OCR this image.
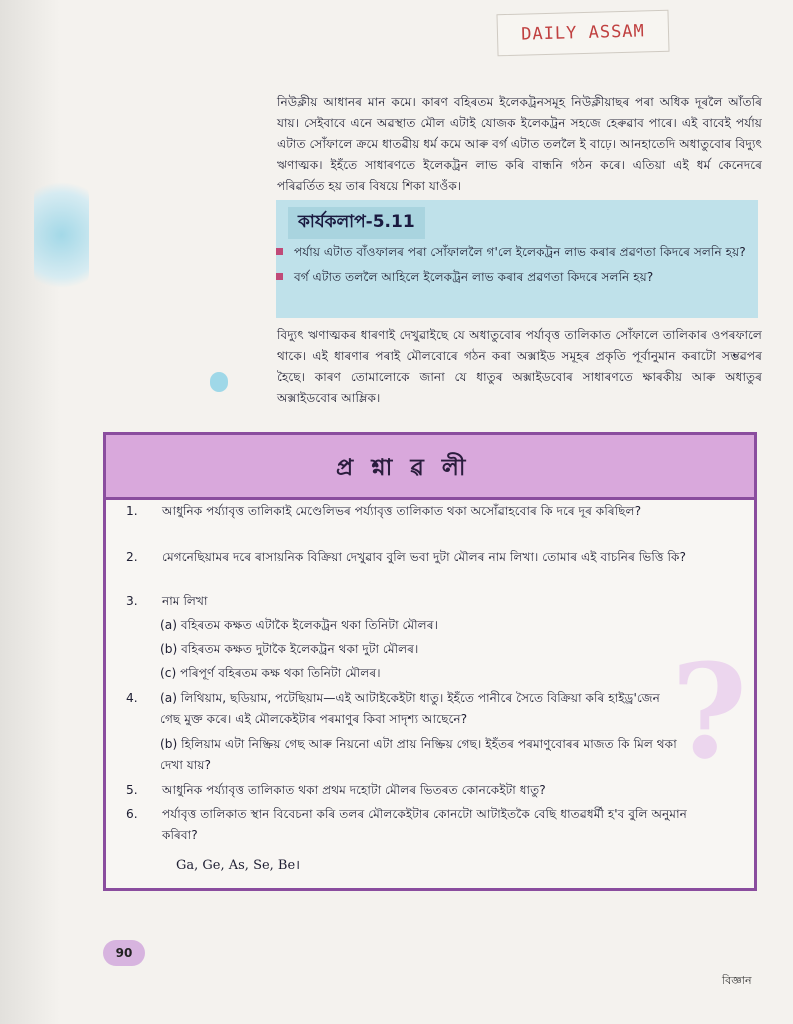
DAILY ASSAM
নিউক্লীয় আধানৰ মান কমে। কাৰণ বহিৰতম ইলেকট্ৰনসমূহ নিউক্লীয়াছৰ পৰা অধিক দূৰলৈ আঁতৰি যায়। সেইবাবে এনে অৱস্থাত মৌল এটাই যোজক ইলেকট্ৰন সহজে হেৰুৱাব পাৰে। এই বাবেই পৰ্যায় এটাত সোঁফালে ক্ৰমে ধাতৱীয় ধৰ্ম কমে আৰু বৰ্গ এটাত তললৈ ই বাঢ়ে। আনহাতেদি অধাতুবোৰ বিদ্যুৎ ঋণাত্মক। ইহঁতে সাধাৰণতে ইলেকট্ৰন লাভ কৰি বান্ধনি গঠন কৰে। এতিয়া এই ধৰ্ম কেনেদৰে পৰিৱৰ্তিত হয় তাৰ বিষয়ে শিকা যাওঁক।
কাৰ্যকলাপ-5.11
পৰ্যায় এটাত বাঁওফালৰ পৰা সোঁফাললৈ গ'লে ইলেকট্ৰন লাভ কৰাৰ প্ৰৱণতা কিদৰে সলনি হয়?
বৰ্গ এটাত তললৈ আহিলে ইলেকট্ৰন লাভ কৰাৰ প্ৰৱণতা কিদৰে সলনি হয়?
বিদ্যুৎ ঋণাত্মকৰ ধাৰণাই দেখুৱাইছে যে অধাতুবোৰ পৰ্যাবৃত্ত তালিকাত সোঁফালে তালিকাৰ ওপৰফালে থাকে। এই ধাৰণাৰ পৰাই মৌলবোৰে গঠন কৰা অক্সাইড সমূহৰ প্ৰকৃতি পূৰ্বানুমান কৰাটো সম্ভৱপৰ হৈছে। কাৰণ তোমালোকে জানা যে ধাতুৰ অক্সাইডবোৰ সাধাৰণতে ক্ষাৰকীয় আৰু অধাতুৰ অক্সাইডবোৰ আম্লিক।
প্ৰশ্নাৱলী
?
1. আধুনিক পৰ্য্যাবৃত্ত তালিকাই মেণ্ডেলিভৰ পৰ্য্যাবৃত্ত তালিকাত থকা অসোঁৱাহবোৰ কি দৰে দূৰ কৰিছিল?
2. মেগনেছিয়ামৰ দৰে ৰাসায়নিক বিক্ৰিয়া দেখুৱাব বুলি ভবা দুটা মৌলৰ নাম লিখা। তোমাৰ এই বাচনিৰ ভিত্তি কি?
3. নাম লিখা
(a) বহিৰতম কক্ষত এটাকৈ ইলেকট্ৰন থকা তিনিটা মৌলৰ।
(b) বহিৰতম কক্ষত দুটাকৈ ইলেকট্ৰন থকা দুটা মৌলৰ।
(c) পৰিপূৰ্ণ বহিৰতম কক্ষ থকা তিনিটা মৌলৰ।
4. (a) লিথিয়াম, ছডিয়াম, পটেছিয়াম—এই আটাইকেইটা ধাতু। ইহঁতে পানীৰে সৈতে বিক্ৰিয়া কৰি হাইড্ৰ'জেন গেছ মুক্ত কৰে। এই মৌলকেইটাৰ পৰমাণুৰ কিবা সাদৃশ্য আছেনে?
(b) হিলিয়াম এটা নিষ্ক্ৰিয় গেছ আৰু নিয়নো এটা প্ৰায় নিষ্ক্ৰিয় গেছ। ইহঁতৰ পৰমাণুবোৰৰ মাজত কি মিল থকা দেখা যায়?
5. আধুনিক পৰ্য্যাবৃত্ত তালিকাত থকা প্ৰথম দহোটা মৌলৰ ভিতৰত কোনকেইটা ধাতু?
6. পৰ্যাবৃত্ত তালিকাত স্থান বিবেচনা কৰি তলৰ মৌলকেইটাৰ কোনটো আটাইতকৈ বেছি ধাতৱধৰ্মী হ'ব বুলি অনুমান কৰিবা?
Ga, Ge, As, Se, Be।
90
বিজ্ঞান
